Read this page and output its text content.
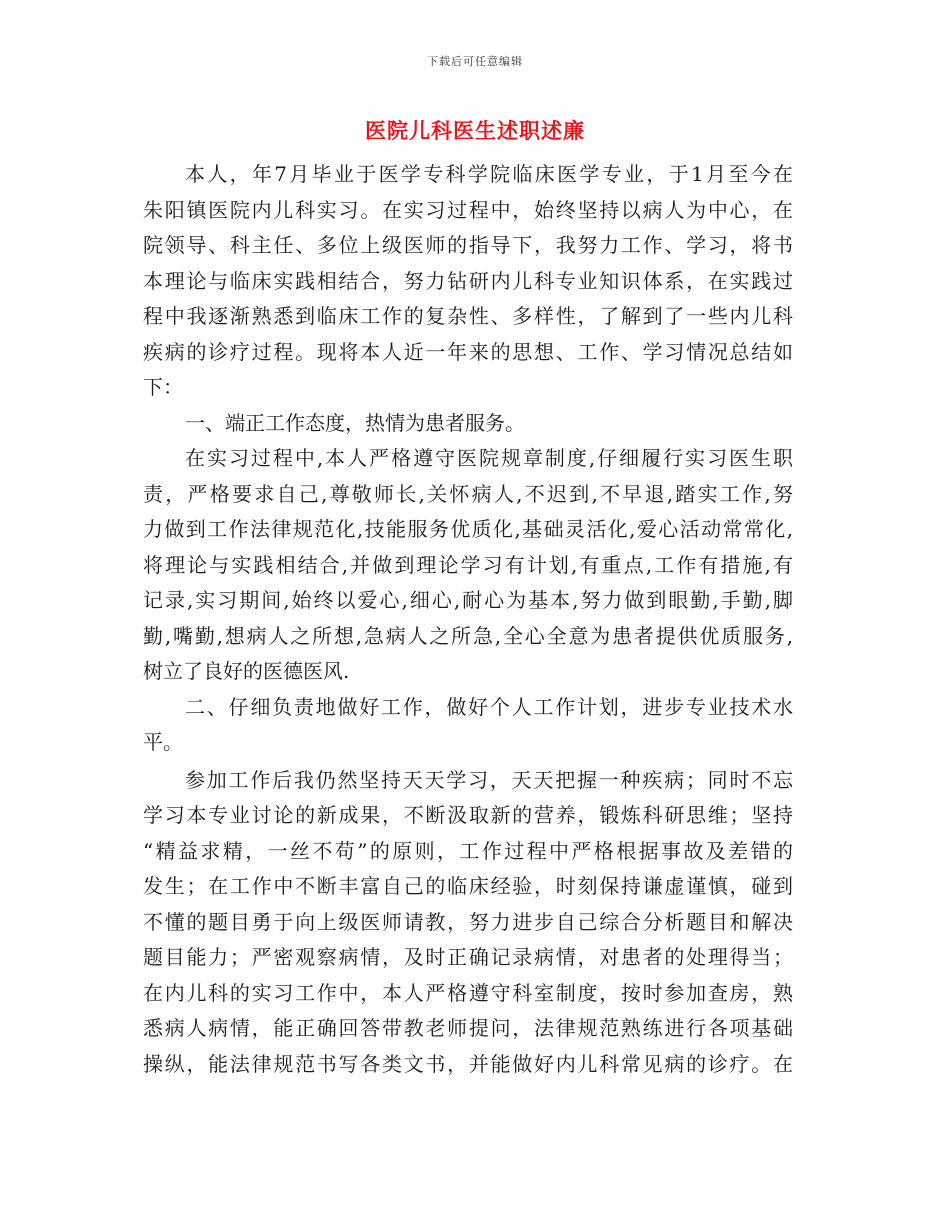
下载后可任意编辑
医院儿科医生述职述廉
本人，年7月毕业于医学专科学院临床医学专业，于1月至今在
朱阳镇医院内儿科实习。在实习过程中，始终坚持以病人为中心，在
院领导、科主任、多位上级医师的指导下，我努力工作、学习，将书
本理论与临床实践相结合，努力钻研内儿科专业知识体系，在实践过
程中我逐渐熟悉到临床工作的复杂性、多样性，了解到了一些内儿科
疾病的诊疗过程。现将本人近一年来的思想、工作、学习情况总结如
下：
一、端正工作态度，热情为患者服务。
在实习过程中,本人严格遵守医院规章制度,仔细履行实习医生职
责，严格要求自己,尊敬师长,关怀病人,不迟到,不早退,踏实工作,努
力做到工作法律规范化,技能服务优质化,基础灵活化,爱心活动常常化,
将理论与实践相结合,并做到理论学习有计划,有重点,工作有措施,有
记录,实习期间,始终以爱心,细心,耐心为基本,努力做到眼勤,手勤,脚
勤,嘴勤,想病人之所想,急病人之所急,全心全意为患者提供优质服务,
树立了良好的医德医风.
二、仔细负责地做好工作，做好个人工作计划，进步专业技术水
平。
参加工作后我仍然坚持天天学习，天天把握一种疾病；同时不忘
学习本专业讨论的新成果，不断汲取新的营养，锻炼科研思维；坚持
“精益求精，一丝不苟”的原则，工作过程中严格根据事故及差错的
发生；在工作中不断丰富自己的临床经验，时刻保持谦虚谨慎，碰到
不懂的题目勇于向上级医师请教，努力进步自己综合分析题目和解决
题目能力；严密观察病情，及时正确记录病情，对患者的处理得当；
在内儿科的实习工作中，本人严格遵守科室制度，按时参加查房，熟
悉病人病情，能正确回答带教老师提问，法律规范熟练进行各项基础
操纵，能法律规范书写各类文书，并能做好内儿科常见病的诊疗。在
